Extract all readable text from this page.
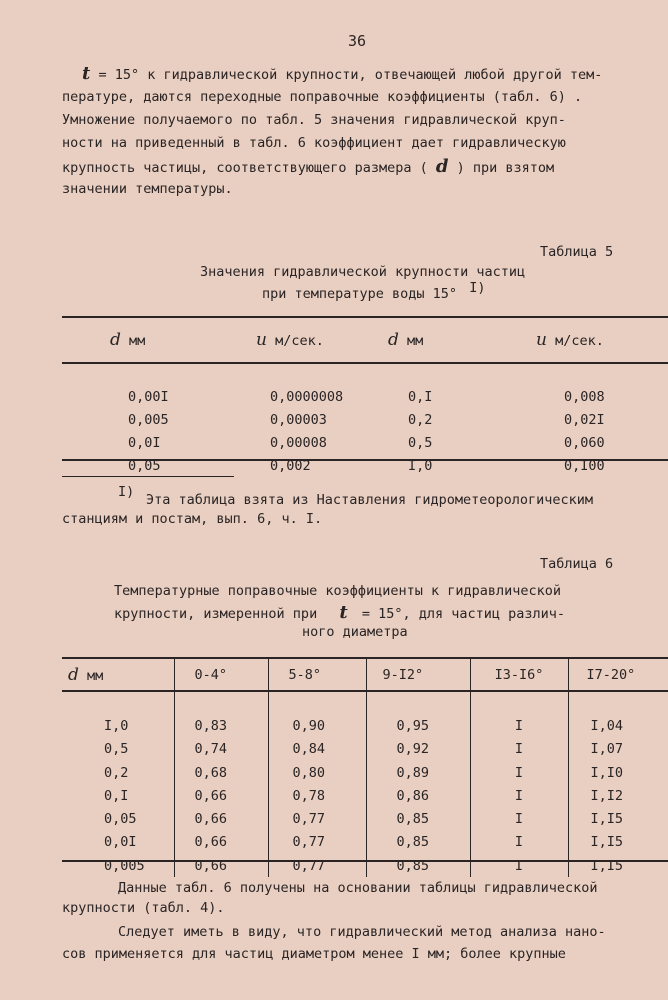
36
t = 15° к гидравлической крупности, отвечающей любой другой тем-
пературе, даются переходные поправочные коэффициенты (табл. 6) .
Умножение получаемого по табл. 5 значения гидравлической круп-
ности на приведенный в табл. 6 коэффициент дает гидравлическую
крупность частицы, соответствующего размера ( d ) при взятом
значении температуры.
Таблица 5
Значения гидравлической крупности частиц
при температуре воды 15° I)
d мм	u м/сек.	d мм	u м/сек.

0,00I	0,0000008	0,I	0,008
0,005	0,00003	0,2	0,02I
0,0I	0,00008	0,5	0,060
0,05	0,002	I,0	0,I00
I) Эта таблица взята из Наставления гидрометеорологическим
станциям и постам, вып. 6, ч. I.
Таблица 6
Температурные поправочные коэффициенты к гидравлической
крупности, измеренной при t = 15°, для частиц различ-
ного диаметра
d мм	0-4°	5-8°	9-I2°	I3-I6°	I7-20°

I,0	0,83	0,90	0,95	I	I,04
0,5	0,74	0,84	0,92	I	I,07
0,2	0,68	0,80	0,89	I	I,I0
0,I	0,66	0,78	0,86	I	I,I2
0,05	0,66	0,77	0,85	I	I,I5
0,0I	0,66	0,77	0,85	I	I,I5
0,005	0,66	0,77	0,85	I	I,I5
Данные табл. 6 получены на основании таблицы гидравлической
крупности (табл. 4).
Следует иметь в виду, что гидравлический метод анализа нано-
сов применяется для частиц диаметром менее I мм; более крупные
